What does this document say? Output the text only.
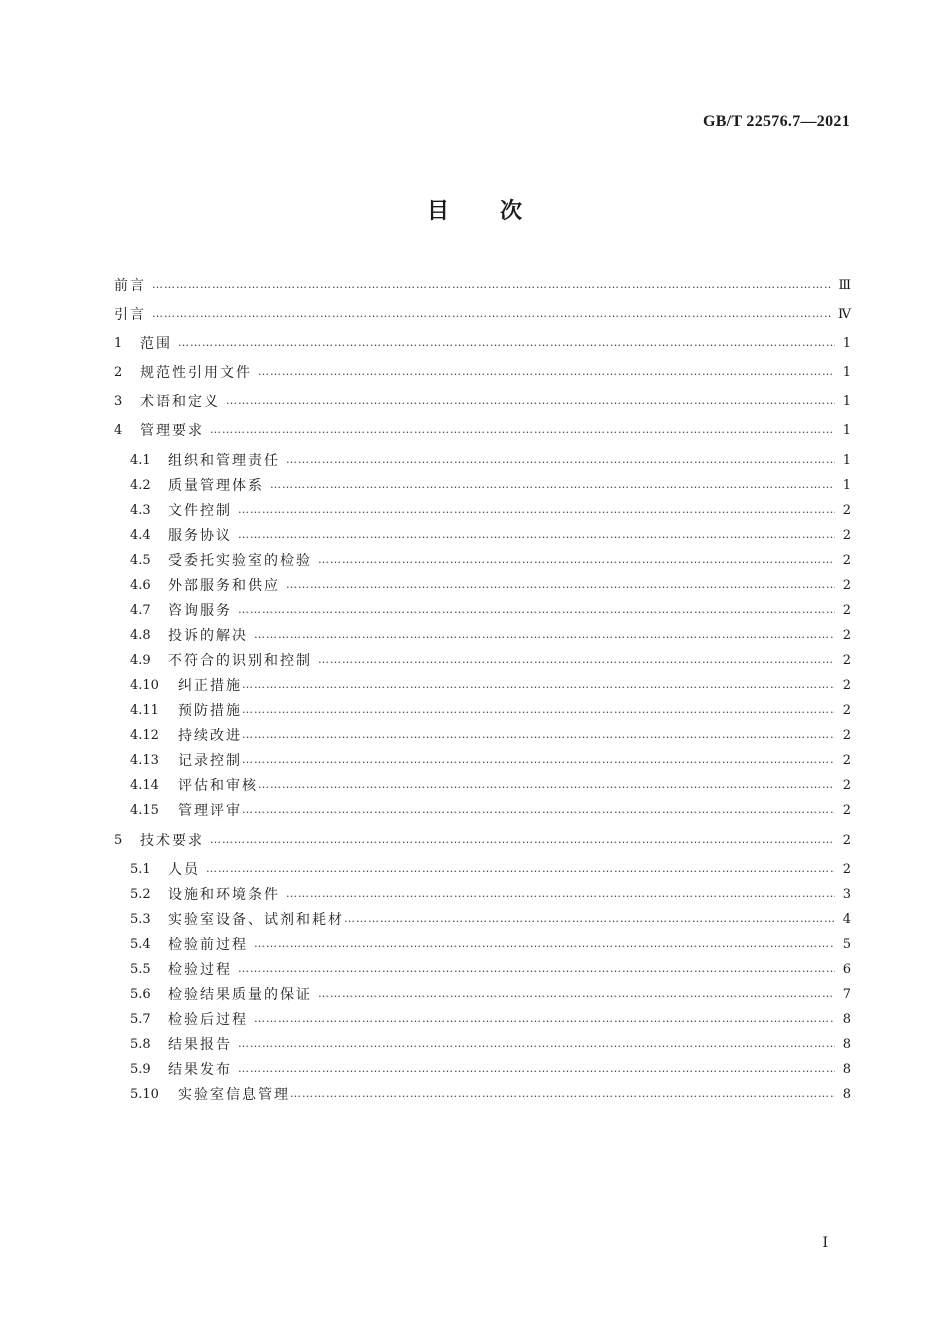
GB/T 22576.7—2021
目 次
前言 ……………………………………………………………………………………………………………………………………………………………………………………………………………………………………………………………………………………………	Ⅲ
引言 ……………………………………………………………………………………………………………………………………………………………………………………………………………………………………………………………………………………………	Ⅳ
1	范围 ……………………………………………………………………………………………………………………………………………………………………………………………………………………………………………………………………………………………	1
2	规范性引用文件 ……………………………………………………………………………………………………………………………………………………………………………………………………………………………………………………………………………………………	1
3	术语和定义 ……………………………………………………………………………………………………………………………………………………………………………………………………………………………………………………………………………………………	1
4	管理要求 ……………………………………………………………………………………………………………………………………………………………………………………………………………………………………………………………………………………………	1
4.1	组织和管理责任 ……………………………………………………………………………………………………………………………………………………………………………………………………………………………………………………………………………………………	1
4.2	质量管理体系 ……………………………………………………………………………………………………………………………………………………………………………………………………………………………………………………………………………………………	1
4.3	文件控制 ……………………………………………………………………………………………………………………………………………………………………………………………………………………………………………………………………………………………	2
4.4	服务协议 ……………………………………………………………………………………………………………………………………………………………………………………………………………………………………………………………………………………………	2
4.5	受委托实验室的检验 ……………………………………………………………………………………………………………………………………………………………………………………………………………………………………………………………………………………………	2
4.6	外部服务和供应 ……………………………………………………………………………………………………………………………………………………………………………………………………………………………………………………………………………………………	2
4.7	咨询服务 ……………………………………………………………………………………………………………………………………………………………………………………………………………………………………………………………………………………………	2
4.8	投诉的解决 ……………………………………………………………………………………………………………………………………………………………………………………………………………………………………………………………………………………………	2
4.9	不符合的识别和控制 ……………………………………………………………………………………………………………………………………………………………………………………………………………………………………………………………………………………………	2
4.10	纠正措施 ……………………………………………………………………………………………………………………………………………………………………………………………………………………………………………………………………………………………	2
4.11	预防措施 ……………………………………………………………………………………………………………………………………………………………………………………………………………………………………………………………………………………………	2
4.12	持续改进 ……………………………………………………………………………………………………………………………………………………………………………………………………………………………………………………………………………………………	2
4.13	记录控制 ……………………………………………………………………………………………………………………………………………………………………………………………………………………………………………………………………………………………	2
4.14	评估和审核 ……………………………………………………………………………………………………………………………………………………………………………………………………………………………………………………………………………………………	2
4.15	管理评审 ……………………………………………………………………………………………………………………………………………………………………………………………………………………………………………………………………………………………	2
5	技术要求 ……………………………………………………………………………………………………………………………………………………………………………………………………………………………………………………………………………………………	2
5.1	人员 ……………………………………………………………………………………………………………………………………………………………………………………………………………………………………………………………………………………………	2
5.2	设施和环境条件 ……………………………………………………………………………………………………………………………………………………………………………………………………………………………………………………………………………………………	3
5.3	实验室设备、试剂和耗材 ……………………………………………………………………………………………………………………………………………………………………………………………………………………………………………………………………………………………	4
5.4	检验前过程 ……………………………………………………………………………………………………………………………………………………………………………………………………………………………………………………………………………………………	5
5.5	检验过程 ……………………………………………………………………………………………………………………………………………………………………………………………………………………………………………………………………………………………	6
5.6	检验结果质量的保证 ……………………………………………………………………………………………………………………………………………………………………………………………………………………………………………………………………………………………	7
5.7	检验后过程 ……………………………………………………………………………………………………………………………………………………………………………………………………………………………………………………………………………………………	8
5.8	结果报告 ……………………………………………………………………………………………………………………………………………………………………………………………………………………………………………………………………………………………	8
5.9	结果发布 ……………………………………………………………………………………………………………………………………………………………………………………………………………………………………………………………………………………………	8
5.10	实验室信息管理 ……………………………………………………………………………………………………………………………………………………………………………………………………………………………………………………………………………………………	8
I
